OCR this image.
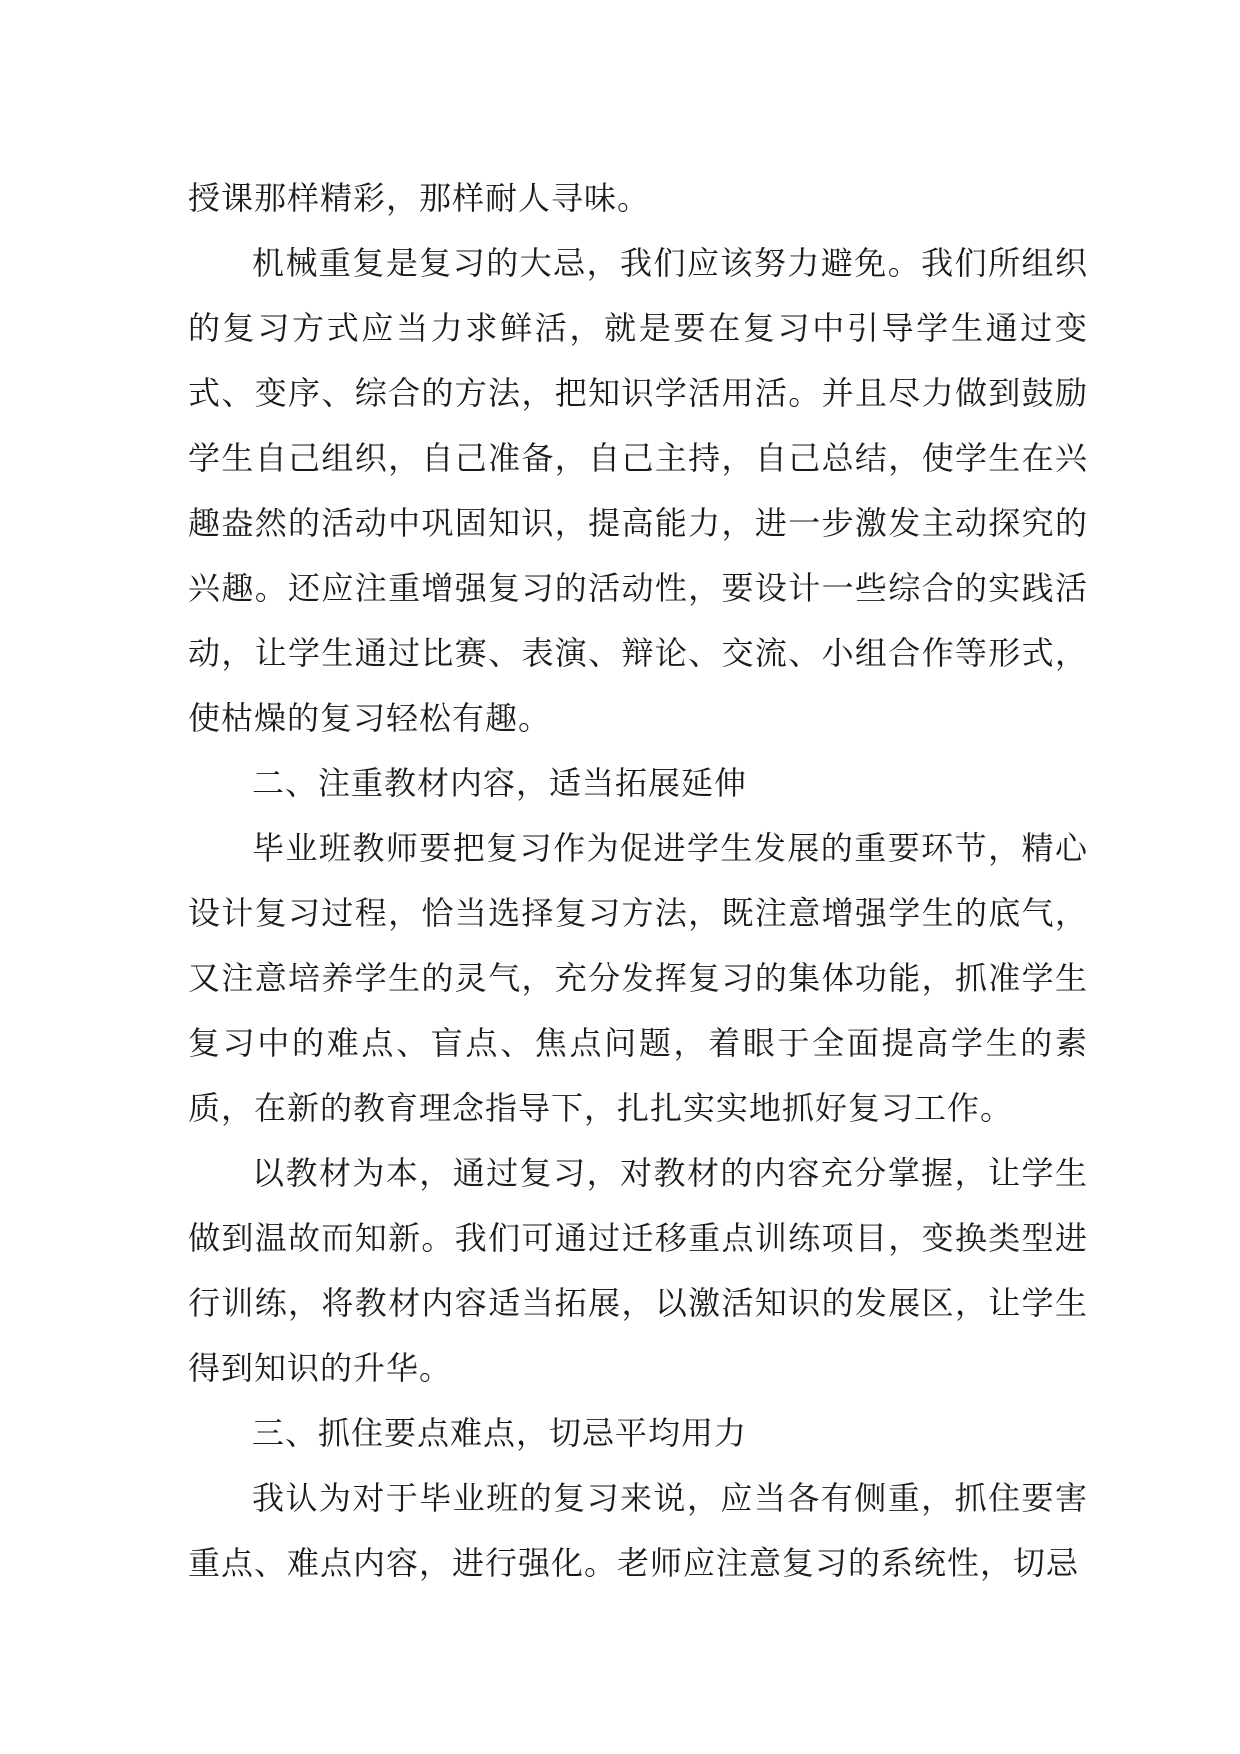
授课那样精彩，那样耐人寻味。

机械重复是复习的大忌，我们应该努力避免。我们所组织的复习方式应当力求鲜活，就是要在复习中引导学生通过变式、变序、综合的方法，把知识学活用活。并且尽力做到鼓励学生自己组织，自己准备，自己主持，自己总结，使学生在兴趣盎然的活动中巩固知识，提高能力，进一步激发主动探究的兴趣。还应注重增强复习的活动性，要设计一些综合的实践活动，让学生通过比赛、表演、辩论、交流、小组合作等形式，使枯燥的复习轻松有趣。

二、注重教材内容，适当拓展延伸

毕业班教师要把复习作为促进学生发展的重要环节，精心设计复习过程，恰当选择复习方法，既注意增强学生的底气，又注意培养学生的灵气，充分发挥复习的集体功能，抓准学生复习中的难点、盲点、焦点问题，着眼于全面提高学生的素质，在新的教育理念指导下，扎扎实实地抓好复习工作。

以教材为本，通过复习，对教材的内容充分掌握，让学生做到温故而知新。我们可通过迁移重点训练项目，变换类型进行训练，将教材内容适当拓展，以激活知识的发展区，让学生得到知识的升华。

三、抓住要点难点，切忌平均用力

我认为对于毕业班的复习来说，应当各有侧重，抓住要害重点、难点内容，进行强化。老师应注意复习的系统性，切忌
